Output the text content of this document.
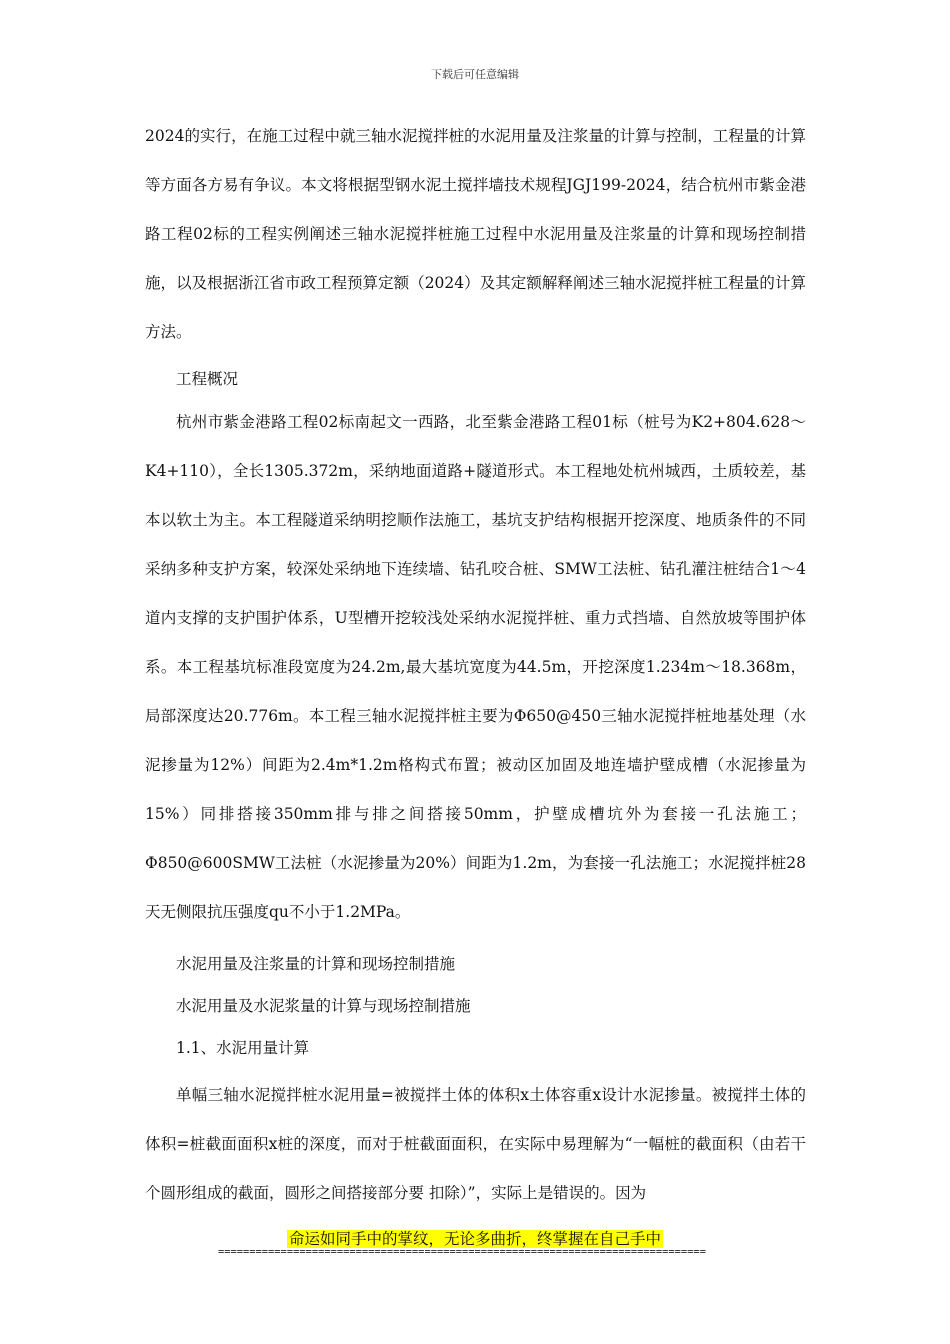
下载后可任意编辑

2024的实行，在施工过程中就三轴水泥搅拌桩的水泥用量及注浆量的计算与控制，工程量的计算等方面各方易有争议。本文将根据型钢水泥土搅拌墙技术规程JGJ199-2024，结合杭州市紫金港路工程02标的工程实例阐述三轴水泥搅拌桩施工过程中水泥用量及注浆量的计算和现场控制措施，以及根据浙江省市政工程预算定额（2024）及其定额解释阐述三轴水泥搅拌桩工程量的计算方法。

工程概况

杭州市紫金港路工程02标南起文一西路，北至紫金港路工程01标（桩号为K2+804.628～K4+110），全长1305.372m，采纳地面道路+隧道形式。本工程地处杭州城西，土质较差，基本以软土为主。本工程隧道采纳明挖顺作法施工，基坑支护结构根据开挖深度、地质条件的不同采纳多种支护方案，较深处采纳地下连续墙、钻孔咬合桩、SMW工法桩、钻孔灌注桩结合1～4道内支撑的支护围护体系，U型槽开挖较浅处采纳水泥搅拌桩、重力式挡墙、自然放坡等围护体系。本工程基坑标准段宽度为24.2m,最大基坑宽度为44.5m，开挖深度1.234m～18.368m，局部深度达20.776m。本工程三轴水泥搅拌桩主要为Φ650@450三轴水泥搅拌桩地基处理（水泥掺量为12%）间距为2.4m*1.2m格构式布置；被动区加固及地连墙护壁成槽（水泥掺量为15%）同排搭接350mm排与排之间搭接50mm，护壁成槽坑外为套接一孔法施工；Φ850@600SMW工法桩（水泥掺量为20%）间距为1.2m，为套接一孔法施工；水泥搅拌桩28天无侧限抗压强度qu不小于1.2MPa。

水泥用量及注浆量的计算和现场控制措施

水泥用量及水泥浆量的计算与现场控制措施

1.1、水泥用量计算

单幅三轴水泥搅拌桩水泥用量=被搅拌土体的体积x土体容重x设计水泥掺量。被搅拌土体的体积=桩截面面积x桩的深度，而对于桩截面面积，在实际中易理解为“一幅桩的截面积（由若干个圆形组成的截面，圆形之间搭接部分要 扣除）”，实际上是错误的。因为

命运如同手中的掌纹，无论多曲折，终掌握在自己手中
==============================================================================
